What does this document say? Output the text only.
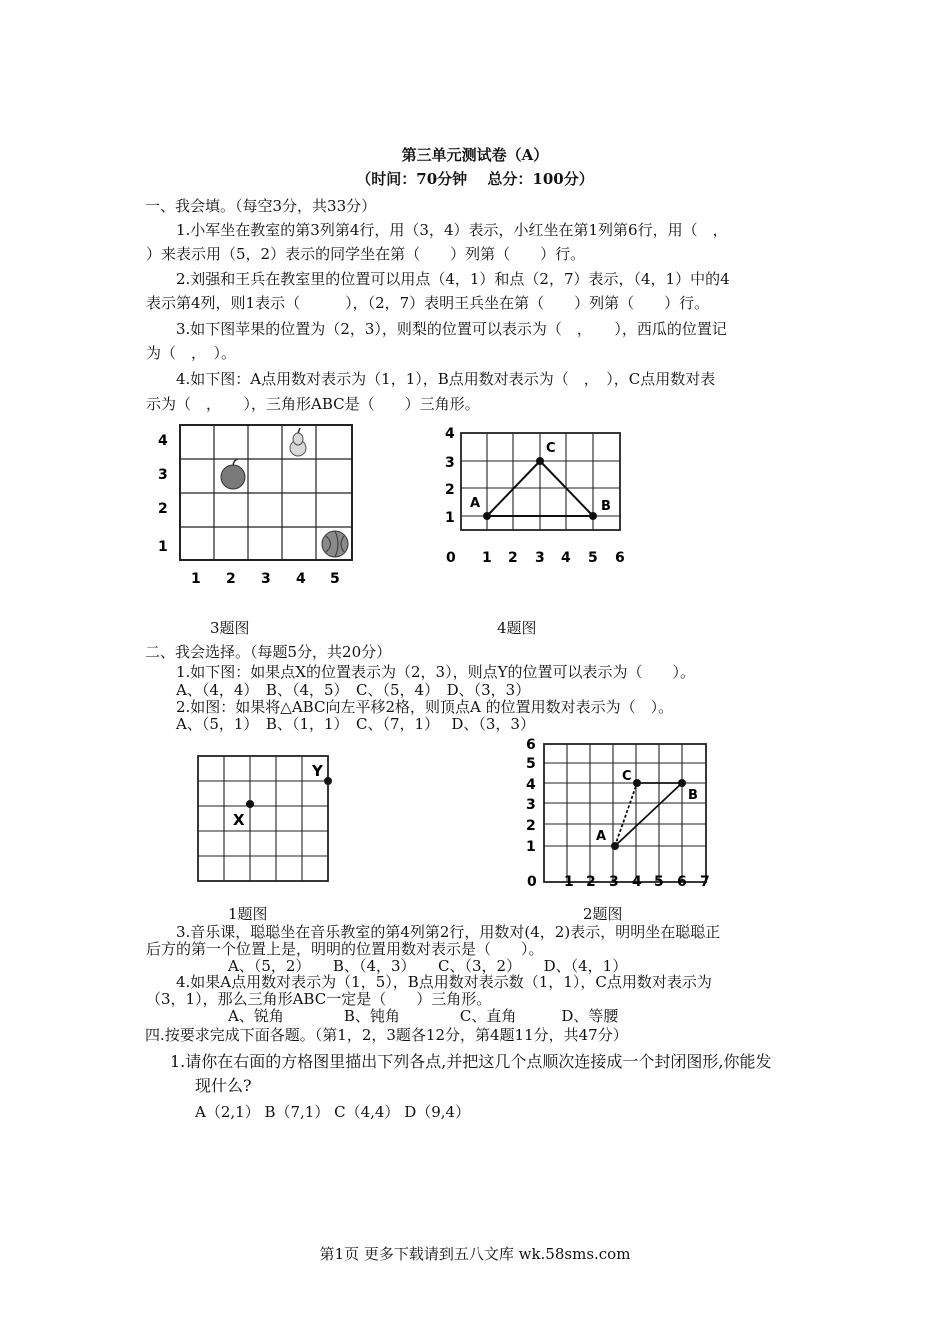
第三单元测试卷（A）
（时间：70分钟　 总分：100分）
一、我会填。（每空3分，共33分）
1.小军坐在教室的第3列第4行，用（3，4）表示，小红坐在第1列第6行，用（　，
）来表示用（5，2）表示的同学坐在第（　　）列第（　　）行。
2.刘强和王兵在教室里的位置可以用点（4，1）和点（2，7）表示，（4，1）中的4
表示第4列，则1表示（　　　），（2，7）表明王兵坐在第（　　）列第（　　）行。
3.如下图苹果的位置为（2，3），则梨的位置可以表示为（　，　　），西瓜的位置记
为（　，　）。
4.如下图：A点用数对表示为（1，1），B点用数对表示为（　，　），C点用数对表
示为（　，　　），三角形ABC是（　　）三角形。
4
3
2
1
1 2 3 4 5
A
C
B
4
3
2
1
0 1 2 3 4 5 6
3题图	4题图
二、我会选择。（每题5分，共20分）
1.如下图：如果点X的位置表示为（2，3），则点Y的位置可以表示为（　　）。
A、（4，4）　B、（4，5）　C、（5，4）　D、（3，3）
2.如图：如果将△ABC向左平移2格，则顶点A 的位置用数对表示为（　）。
A、（5，1）　B、（1，1）　C、（7，1）　 D、（3，3）
X
Y
A
C
B
6
5
4
3
2
1
0 1 2 3 4 5 6 7
1题图	2题图
3.音乐课，聪聪坐在音乐教室的第4列第2行，用数对(4，2)表示，明明坐在聪聪正
后方的第一个位置上是，明明的位置用数对表示是（　　）。
A、（5，2）　　B、（4，3）　　C、（3，2）　　D、（4，1）
4.如果A点用数对表示为（1，5），B点用数对表示数（1，1），C点用数对表示为
（3，1），那么三角形ABC一定是（　　）三角形。
A、锐角　　　　B、钝角　　　　C、直角　　　D、等腰
四.按要求完成下面各题。（第1，2，3题各12分，第4题11分，共47分）
1.请你在右面的方格图里描出下列各点,并把这几个点顺次连接成一个封闭图形,你能发
现什么?
A（2,1） B（7,1） C（4,4） D（9,4）
第1页 更多下载请到五八文库 wk.58sms.com
